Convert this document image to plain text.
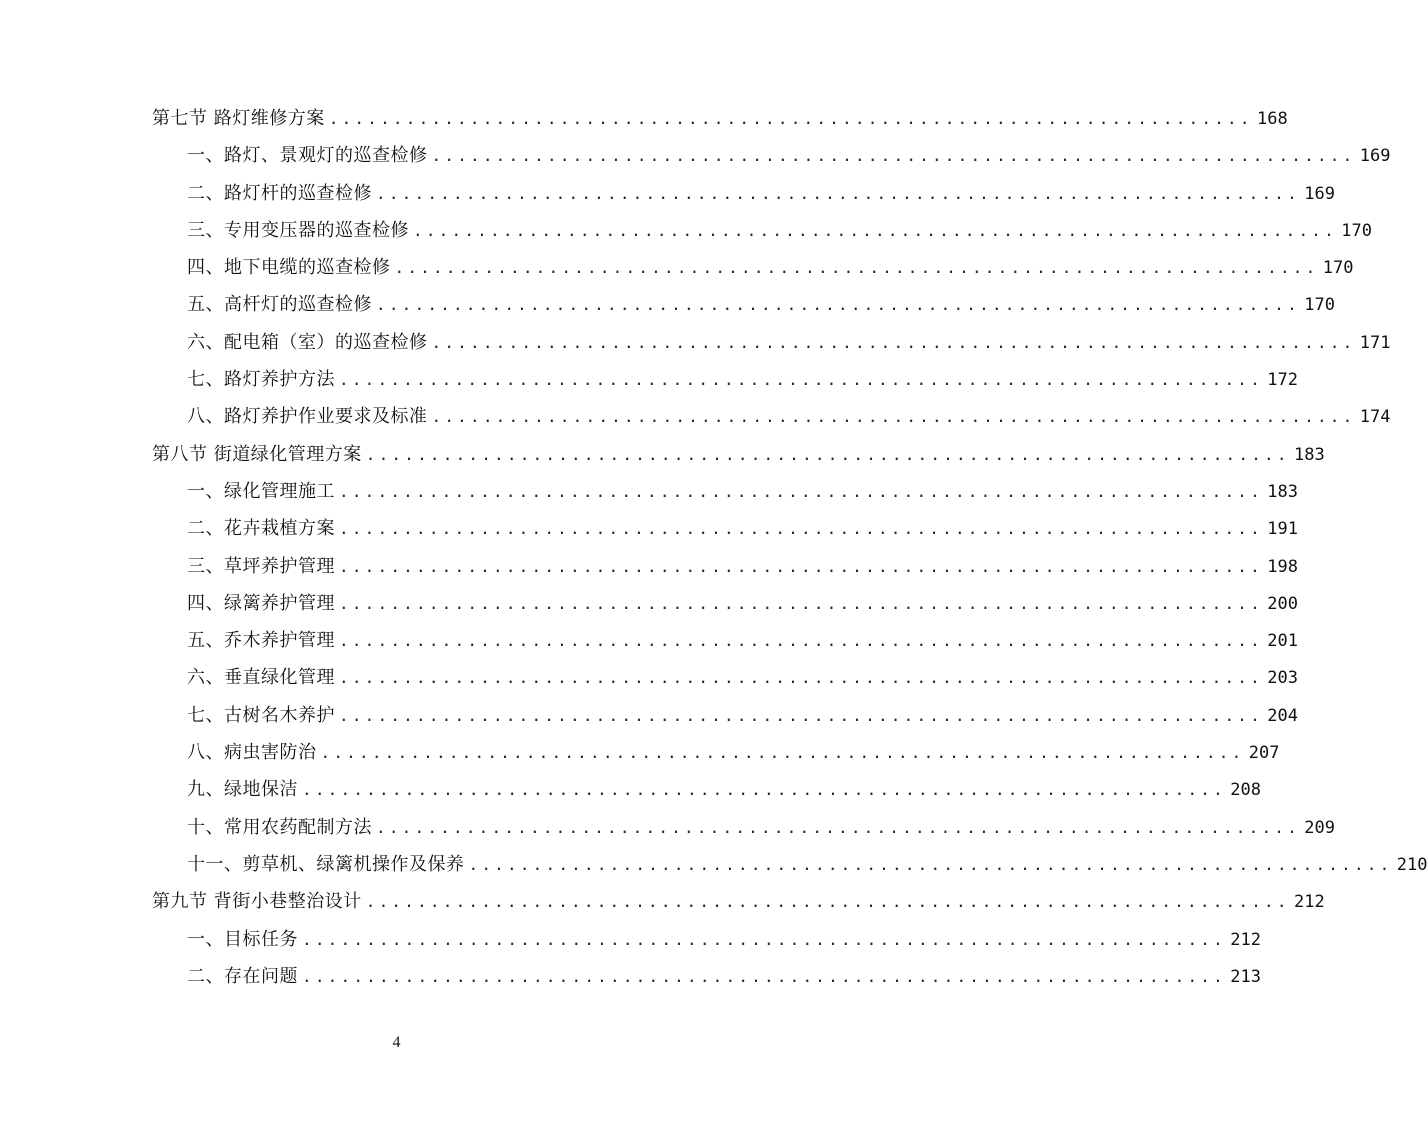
第七节 路灯维修方案 ........................................................................ 168
一、路灯、景观灯的巡查检修 ........................................................................ 169
二、路灯杆的巡查检修 ........................................................................ 169
三、专用变压器的巡查检修 ........................................................................ 170
四、地下电缆的巡查检修 ........................................................................ 170
五、高杆灯的巡查检修 ........................................................................ 170
六、配电箱（室）的巡查检修 ........................................................................ 171
七、路灯养护方法 ........................................................................ 172
八、路灯养护作业要求及标准 ........................................................................ 174
第八节 街道绿化管理方案 ........................................................................ 183
一、绿化管理施工 ........................................................................ 183
二、花卉栽植方案 ........................................................................ 191
三、草坪养护管理 ........................................................................ 198
四、绿篱养护管理 ........................................................................ 200
五、乔木养护管理 ........................................................................ 201
六、垂直绿化管理 ........................................................................ 203
七、古树名木养护 ........................................................................ 204
八、病虫害防治 ........................................................................ 207
九、绿地保洁 ........................................................................ 208
十、常用农药配制方法 ........................................................................ 209
十一、剪草机、绿篱机操作及保养 ........................................................................ 210
第九节 背街小巷整治设计 ........................................................................ 212
一、目标任务 ........................................................................ 212
二、存在问题 ........................................................................ 213
4
